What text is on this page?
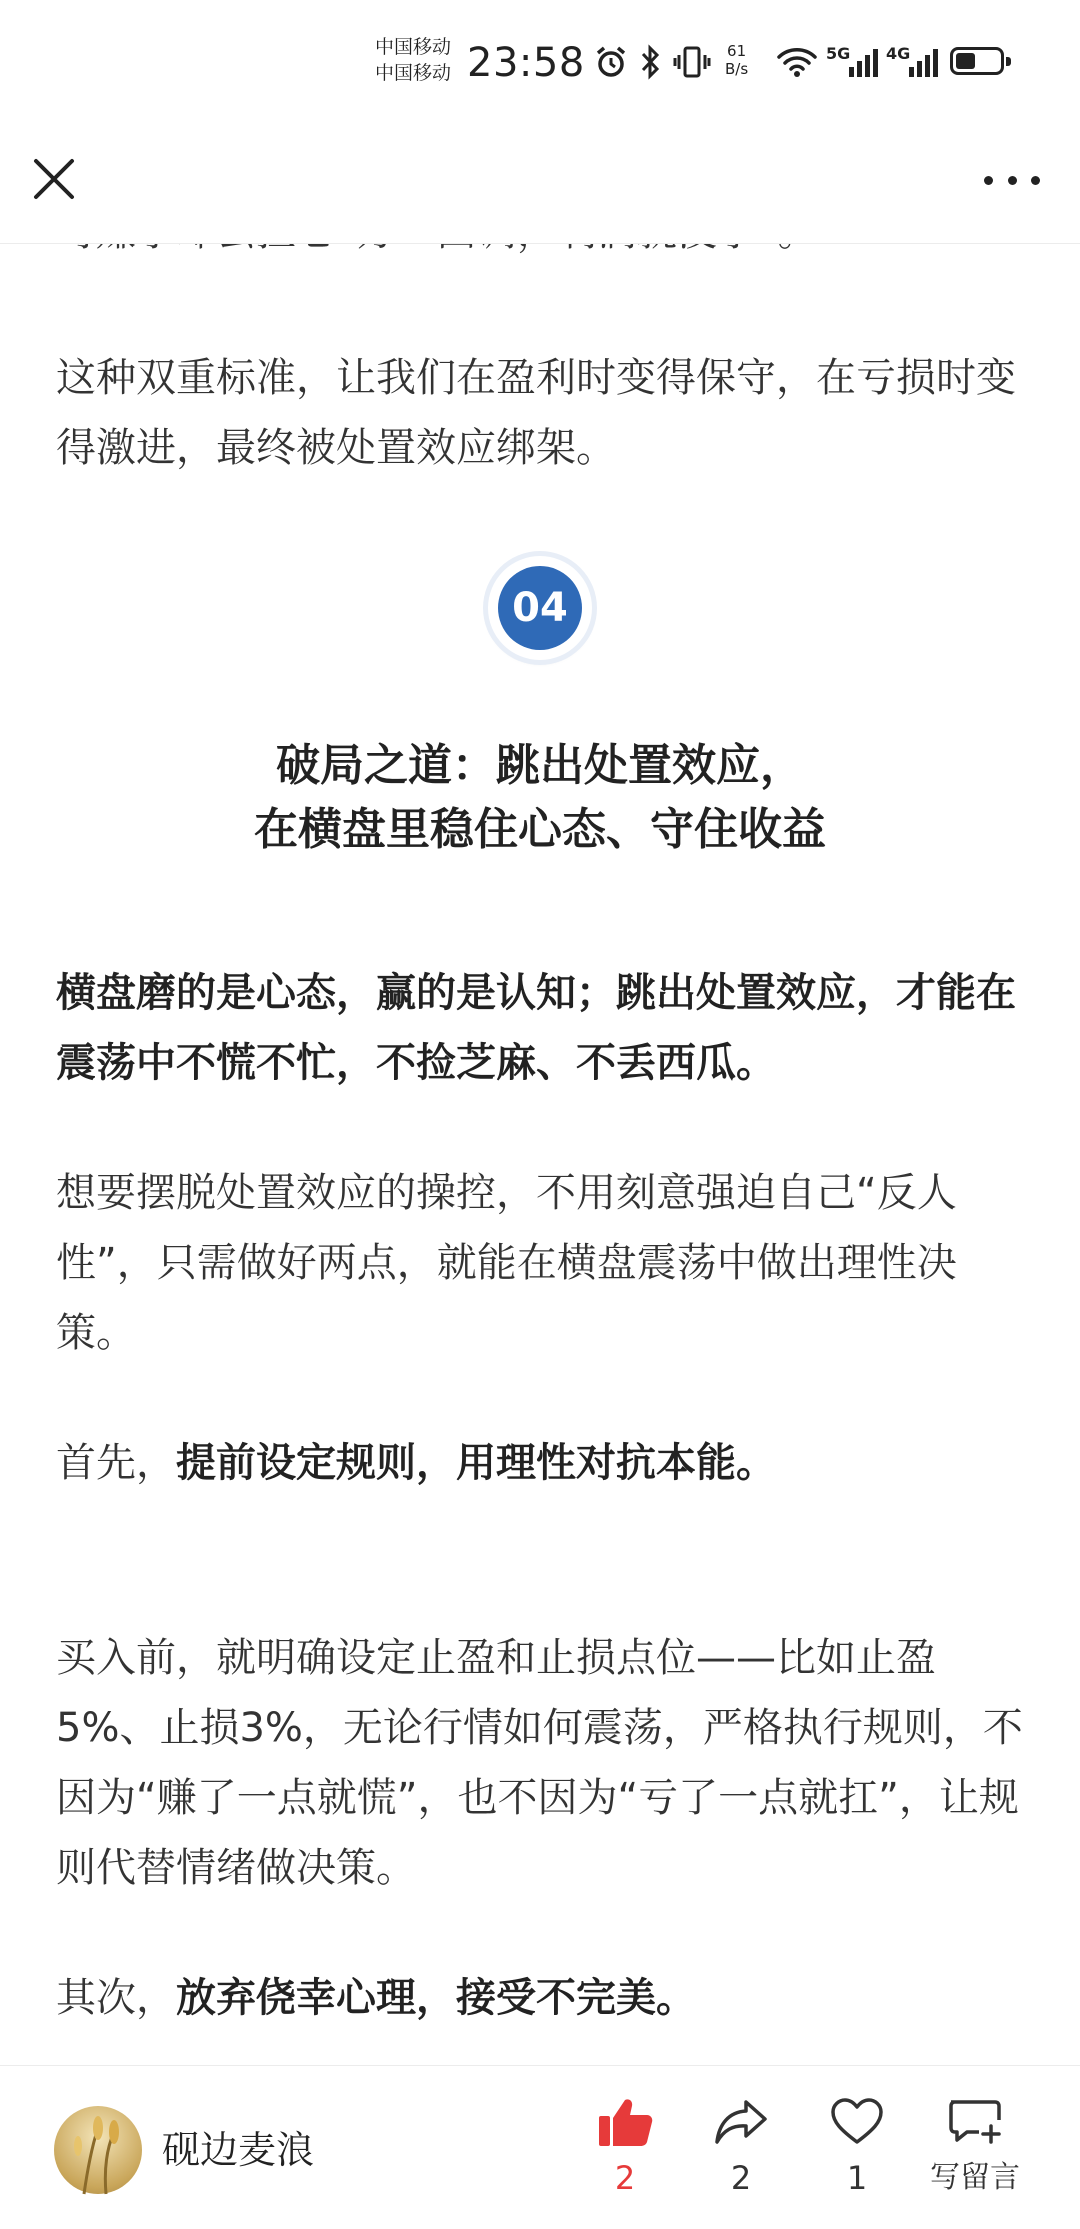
中国移动
中国移动 23:58	61
B/s
5G 4G

这种双重标准，让我们在盈利时变得保守，在亏损时变得激进，最终被处置效应绑架。

04
破局之道：跳出处置效应，
在横盘里稳住心态、守住收益

横盘磨的是心态，赢的是认知；跳出处置效应，才能在震荡中不慌不忙，不捡芝麻、不丢西瓜。

想要摆脱处置效应的操控，不用刻意强迫自己“反人性”，只需做好两点，就能在横盘震荡中做出理性决策。

首先，提前设定规则，用理性对抗本能。

买入前，就明确设定止盈和止损点位——比如止盈5%、止损3%，无论行情如何震荡，严格执行规则，不因为“赚了一点就慌”，也不因为“亏了一点就扛”，让规则代替情绪做决策。

其次，放弃侥幸心理，接受不完美。

砚边麦浪
2	2	1	写留言
